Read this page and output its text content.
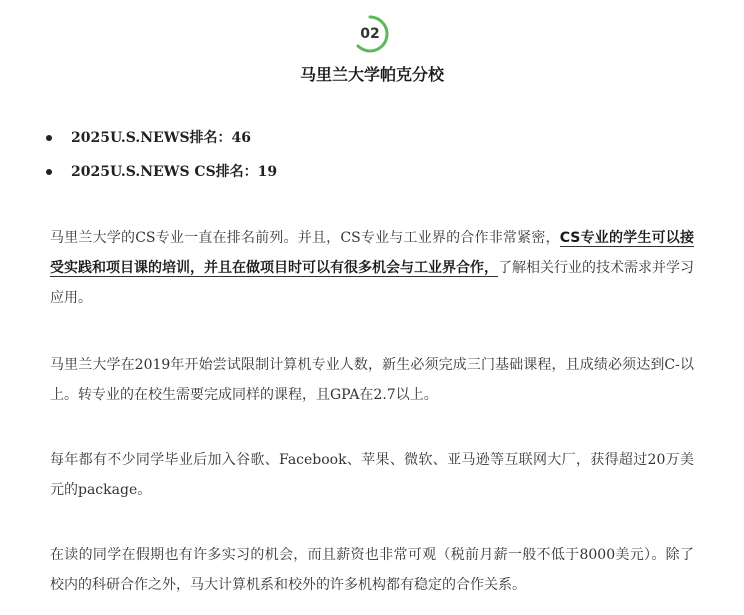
02
马里兰大学帕克分校
2025U.S.NEWS排名：46
2025U.S.NEWS CS排名：19

马里兰大学的CS专业一直在排名前列。并且，CS专业与工业界的合作非常紧密，CS专业的学生可以接受实践和项目课的培训，并且在做项目时可以有很多机会与工业界合作，了解相关行业的技术需求并学习应用。

马里兰大学在2019年开始尝试限制计算机专业人数，新生必须完成三门基础课程，且成绩必须达到C-以上。转专业的在校生需要完成同样的课程，且GPA在2.7以上。

每年都有不少同学毕业后加入谷歌、Facebook、苹果、微软、亚马逊等互联网大厂，获得超过20万美元的package。

在读的同学在假期也有许多实习的机会，而且薪资也非常可观（税前月薪一般不低于8000美元）。除了校内的科研合作之外，马大计算机系和校外的许多机构都有稳定的合作关系。
